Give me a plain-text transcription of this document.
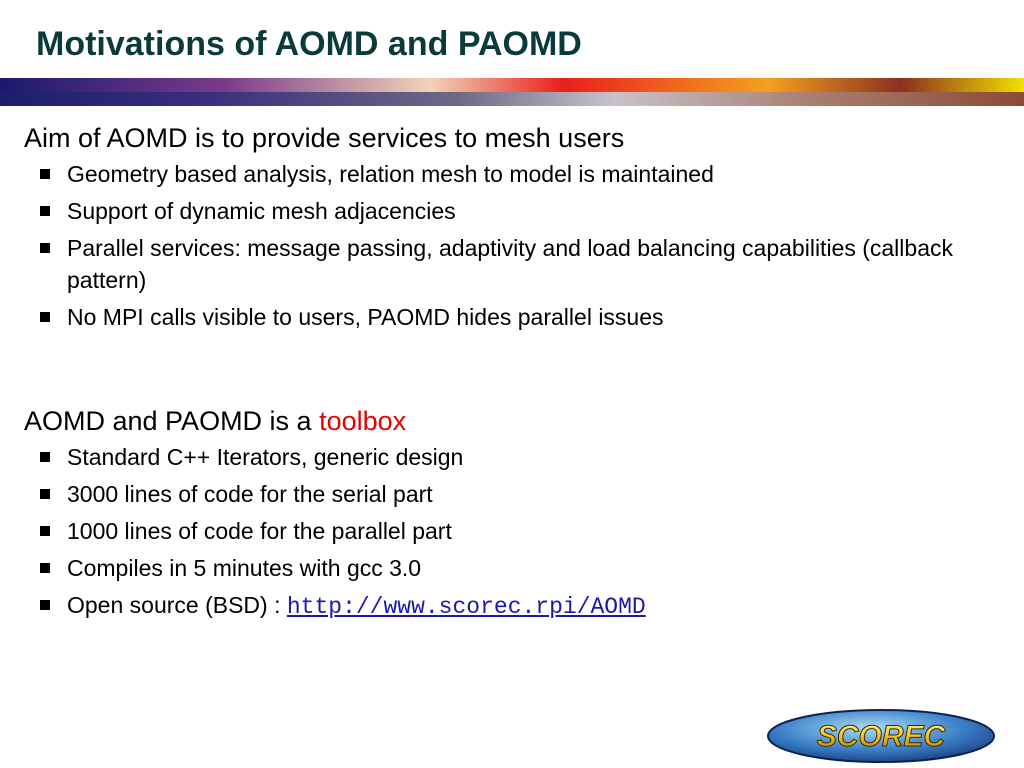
Motivations of AOMD and PAOMD
Aim of AOMD is to provide services to mesh users
Geometry based analysis, relation mesh to model is maintained
Support of dynamic mesh adjacencies
Parallel services: message passing, adaptivity and load balancing capabilities (callback pattern)
No MPI calls visible to users, PAOMD hides parallel issues
AOMD and PAOMD is a toolbox
Standard C++ Iterators, generic design
3000 lines of code for the serial part
1000 lines of code for the parallel part
Compiles in 5 minutes with gcc 3.0
Open source (BSD) : http://www.scorec.rpi/AOMD
SCOREC
